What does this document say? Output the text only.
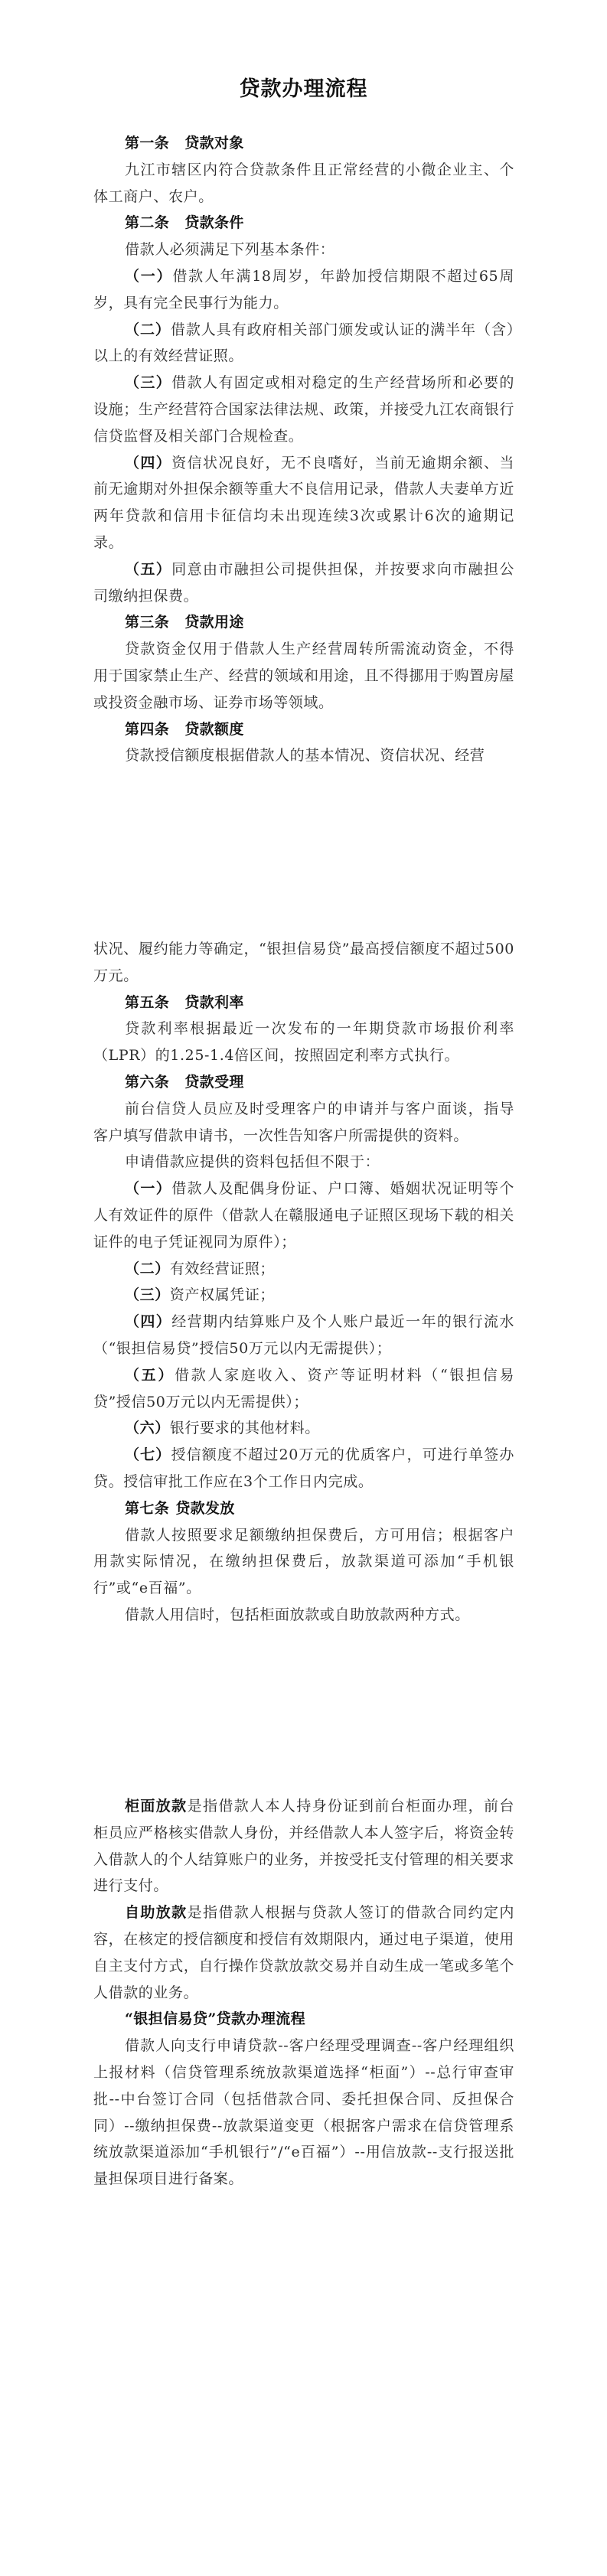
贷款办理流程

第一条 贷款对象

九江市辖区内符合贷款条件且正常经营的小微企业主、个体工商户、农户。

第二条 贷款条件

借款人必须满足下列基本条件：

（一）借款人年满18周岁，年龄加授信期限不超过65周岁，具有完全民事行为能力。

（二）借款人具有政府相关部门颁发或认证的满半年（含）以上的有效经营证照。

（三）借款人有固定或相对稳定的生产经营场所和必要的设施；生产经营符合国家法律法规、政策，并接受九江农商银行信贷监督及相关部门合规检查。

（四）资信状况良好，无不良嗜好，当前无逾期余额、当前无逾期对外担保余额等重大不良信用记录，借款人夫妻单方近两年贷款和信用卡征信均未出现连续3次或累计6次的逾期记录。

（五）同意由市融担公司提供担保，并按要求向市融担公司缴纳担保费。

第三条 贷款用途

贷款资金仅用于借款人生产经营周转所需流动资金，不得用于国家禁止生产、经营的领域和用途，且不得挪用于购置房屋或投资金融市场、证券市场等领域。

第四条 贷款额度

贷款授信额度根据借款人的基本情况、资信状况、经营

状况、履约能力等确定，“银担信易贷”最高授信额度不超过500万元。

第五条 贷款利率

贷款利率根据最近一次发布的一年期贷款市场报价利率（LPR）的1.25-1.4倍区间，按照固定利率方式执行。

第六条 贷款受理

前台信贷人员应及时受理客户的申请并与客户面谈，指导客户填写借款申请书，一次性告知客户所需提供的资料。

申请借款应提供的资料包括但不限于：

（一）借款人及配偶身份证、户口簿、婚姻状况证明等个人有效证件的原件（借款人在赣服通电子证照区现场下载的相关证件的电子凭证视同为原件）；

（二）有效经营证照；

（三）资产权属凭证；

（四）经营期内结算账户及个人账户最近一年的银行流水（“银担信易贷”授信50万元以内无需提供）；

（五）借款人家庭收入、资产等证明材料（“银担信易贷”授信50万元以内无需提供）；

（六）银行要求的其他材料。

（七）授信额度不超过20万元的优质客户，可进行单签办贷。授信审批工作应在3个工作日内完成。

第七条 贷款发放

借款人按照要求足额缴纳担保费后，方可用信；根据客户用款实际情况，在缴纳担保费后，放款渠道可添加“手机银行”或“e百福”。

借款人用信时，包括柜面放款或自助放款两种方式。

柜面放款是指借款人本人持身份证到前台柜面办理，前台柜员应严格核实借款人身份，并经借款人本人签字后，将资金转入借款人的个人结算账户的业务，并按受托支付管理的相关要求进行支付。

自助放款是指借款人根据与贷款人签订的借款合同约定内容，在核定的授信额度和授信有效期限内，通过电子渠道，使用自主支付方式，自行操作贷款放款交易并自动生成一笔或多笔个人借款的业务。

“银担信易贷”贷款办理流程

借款人向支行申请贷款--客户经理受理调查--客户经理组织上报材料（信贷管理系统放款渠道选择“柜面”）--总行审查审批--中台签订合同（包括借款合同、委托担保合同、反担保合同）--缴纳担保费--放款渠道变更（根据客户需求在信贷管理系统放款渠道添加“手机银行”/“e百福”）--用信放款--支行报送批量担保项目进行备案。
